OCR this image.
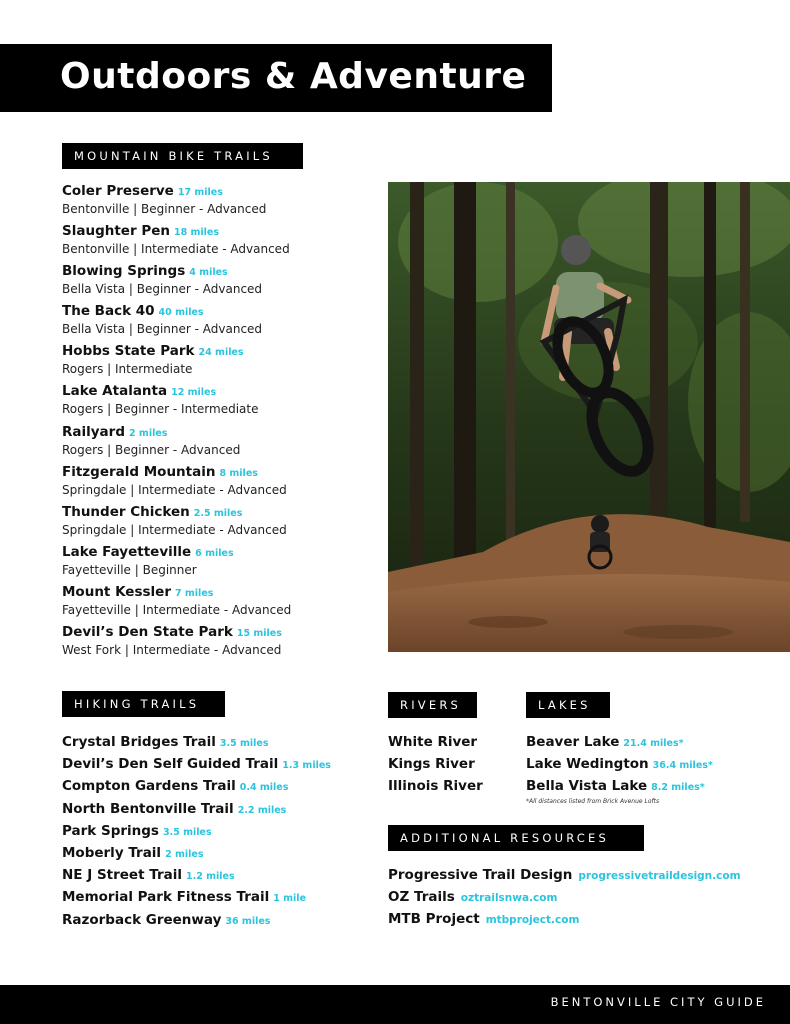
Outdoors & Adventure
MOUNTAIN BIKE TRAILS
Coler Preserve 17 miles
Bentonville | Beginner - Advanced
Slaughter Pen 18 miles
Bentonville | Intermediate - Advanced
Blowing Springs 4 miles
Bella Vista | Beginner - Advanced
The Back 40 40 miles
Bella Vista | Beginner - Advanced
Hobbs State Park 24 miles
Rogers | Intermediate
Lake Atalanta 12 miles
Rogers | Beginner - Intermediate
Railyard 2 miles
Rogers | Beginner - Advanced
Fitzgerald Mountain 8 miles
Springdale | Intermediate - Advanced
Thunder Chicken 2.5 miles
Springdale | Intermediate - Advanced
Lake Fayetteville 6 miles
Fayetteville | Beginner
Mount Kessler 7 miles
Fayetteville | Intermediate - Advanced
Devil’s Den State Park 15 miles
West Fork | Intermediate - Advanced
HIKING TRAILS
Crystal Bridges Trail 3.5 miles
Devil’s Den Self Guided Trail 1.3 miles
Compton Gardens Trail 0.4 miles
North Bentonville Trail 2.2 miles
Park Springs 3.5 miles
Moberly Trail 2 miles
NE J Street Trail 1.2 miles
Memorial Park Fitness Trail 1 mile
Razorback Greenway 36 miles
RIVERS
White River
Kings River
Illinois River
LAKES
Beaver Lake 21.4 miles*
Lake Wedington 36.4 miles*
Bella Vista Lake 8.2 miles*
*All distances listed from Brick Avenue Lofts
ADDITIONAL RESOURCES
Progressive Trail Design progressivetraildesign.com
OZ Trails oztrailsnwa.com
MTB Project mtbproject.com
BENTONVILLE CITY GUIDE
